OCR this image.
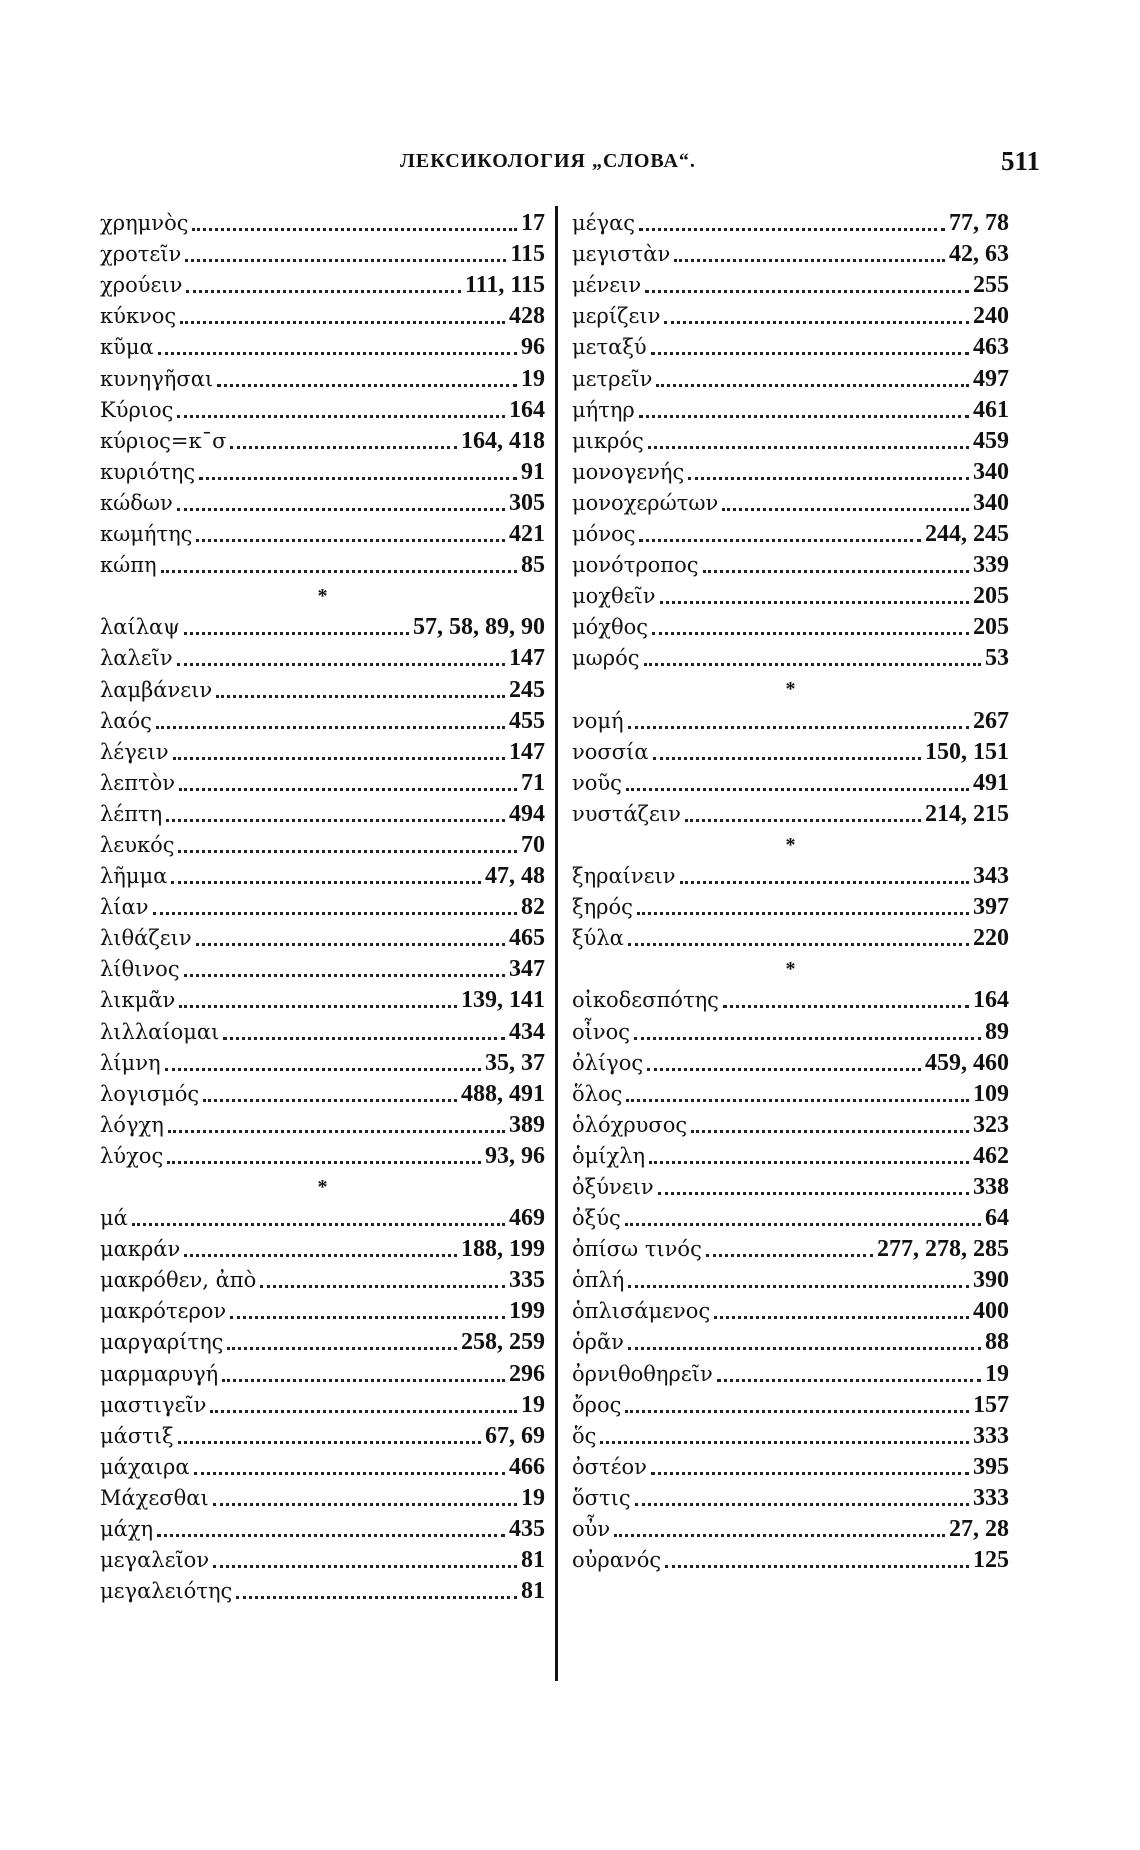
ЛЕКСИКОЛОГИЯ „СЛОВА“.	511
χρημνὸς	17
χροτεῖν	115
χρούειν	111, 115
κύκνος	428
κῦμα	96
κυνηγῆσαι	19
Κύριος	164
κύριος=κ¯σ	164, 418
κυριότης	91
κώδων	305
κωμήτης	421
κώπη	85
*
λαίλαψ	57, 58, 89, 90
λαλεῖν	147
λαμβάνειν	245
λαός	455
λέγειν	147
λεπτὸν	71
λέπτη	494
λευκός	70
λῆμμα	47, 48
λίαν	82
λιθάζειν	465
λίθινος	347
λικμᾶν	139, 141
λιλλαίομαι	434
λίμνη	35, 37
λογισμός	488, 491
λόγχη	389
λύχος	93, 96
*
μά	469
μακράν	188, 199
μακρόθεν, ἀπὸ	335
μακρότερον	199
μαργαρίτης	258, 259
μαρμαρυγή	296
μαστιγεῖν	19
μάστιξ	67, 69
μάχαιρα	466
Μάχεσθαι	19
μάχη	435
μεγαλεῖον	81
μεγαλειότης	81
μέγας	77, 78
μεγιστὰν	42, 63
μένειν	255
μερίζειν	240
μεταξύ	463
μετρεῖν	497
μήτηρ	461
μικρός	459
μονογενής	340
μονοχερώτων	340
μόνος	244, 245
μονότροπος	339
μοχθεῖν	205
μόχθος	205
μωρός	53
*
νομή	267
νοσσία	150, 151
νοῦς	491
νυστάζειν	214, 215
*
ξηραίνειν	343
ξηρός	397
ξύλα	220
*
οἰκοδεσπότης	164
οἶνος	89
ὀλίγος	459, 460
ὅλος	109
ὁλόχρυσος	323
ὁμίχλη	462
ὀξύνειν	338
ὀξύς	64
ὀπίσω τινός	277, 278, 285
ὁπλή	390
ὁπλισάμενος	400
ὁρᾶν	88
ὀρνιθοθηρεῖν	19
ὄρος	157
ὅς	333
ὀστέον	395
ὅστις	333
οὖν	27, 28
οὐρανός	125
